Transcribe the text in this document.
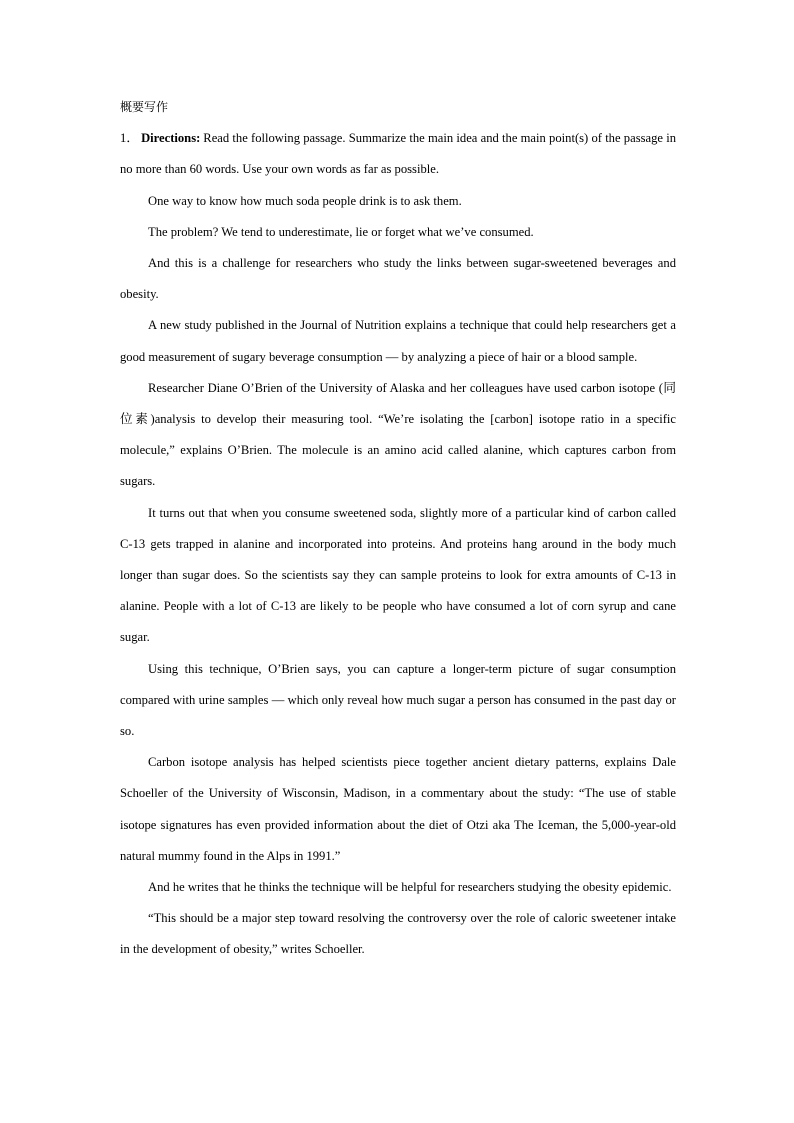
概要写作

1． Directions: Read the following passage. Summarize the main idea and the main point(s) of the passage in no more than 60 words. Use your own words as far as possible.

One way to know how much soda people drink is to ask them.

The problem? We tend to underestimate, lie or forget what we’ve consumed.

And this is a challenge for researchers who study the links between sugar-sweetened beverages and obesity.

A new study published in the Journal of Nutrition explains a technique that could help researchers get a good measurement of sugary beverage consumption — by analyzing a piece of hair or a blood sample.

Researcher Diane O’Brien of the University of Alaska and her colleagues have used carbon isotope (同位素)analysis to develop their measuring tool. “We’re isolating the [carbon] isotope ratio in a specific molecule,” explains O’Brien. The molecule is an amino acid called alanine, which captures carbon from sugars.

It turns out that when you consume sweetened soda, slightly more of a particular kind of carbon called C-13 gets trapped in alanine and incorporated into proteins. And proteins hang around in the body much longer than sugar does. So the scientists say they can sample proteins to look for extra amounts of C-13 in alanine. People with a lot of C-13 are likely to be people who have consumed a lot of corn syrup and cane sugar.

Using this technique, O’Brien says, you can capture a longer-term picture of sugar consumption compared with urine samples — which only reveal how much sugar a person has consumed in the past day or so.

Carbon isotope analysis has helped scientists piece together ancient dietary patterns, explains Dale Schoeller of the University of Wisconsin, Madison, in a commentary about the study: “The use of stable isotope signatures has even provided information about the diet of Otzi aka The Iceman, the 5,000-year-old natural mummy found in the Alps in 1991.”

And he writes that he thinks the technique will be helpful for researchers studying the obesity epidemic.

“This should be a major step toward resolving the controversy over the role of caloric sweetener intake in the development of obesity,” writes Schoeller.
